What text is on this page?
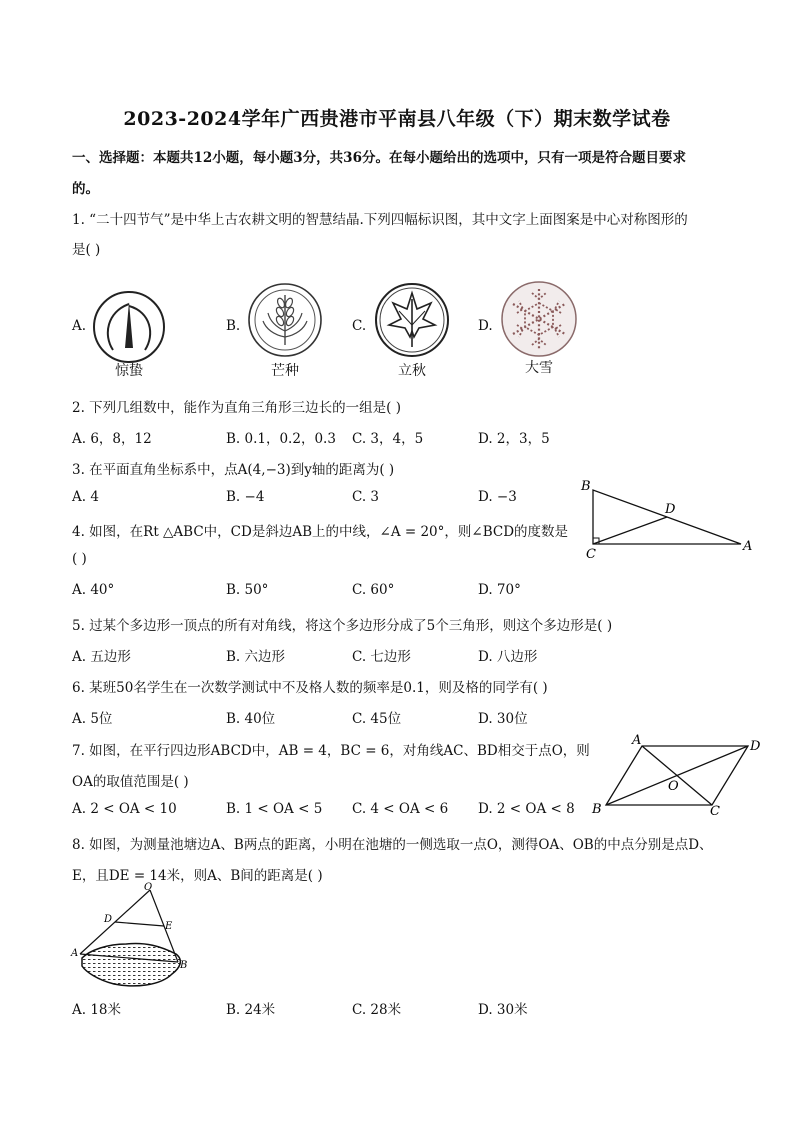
2023-2024学年广西贵港市平南县八年级（下）期末数学试卷
一、选择题：本题共12小题，每小题3分，共36分。在每小题给出的选项中，只有一项是符合题目要求
的。
1. “二十四节气”是中华上古农耕文明的智慧结晶.下列四幅标识图，其中文字上面图案是中心对称图形的
是( )
A.	B.	C.	D.
惊蛰	芒种	立秋	大雪
2. 下列几组数中，能作为直角三角形三边长的一组是( )
A. 6，8，12	B. 0.1，0.2，0.3 C. 3，4，5	D. 2，3，5
3. 在平面直角坐标系中，点A(4,−3)到y轴的距离为( )
A. 4	B. −4	C. 3	D. −3
B
D
C
A
4. 如图，在Rt △ABC中，CD是斜边AB上的中线，∠A = 20°，则∠BCD的度数是
( )
A. 40°	B. 50°	C. 60°	D. 70°
5. 过某个多边形一顶点的所有对角线，将这个多边形分成了5个三角形，则这个多边形是( )
A. 五边形	B. 六边形	C. 七边形	D. 八边形
6. 某班50名学生在一次数学测试中不及格人数的频率是0.1，则及格的同学有( )
A. 5位	B. 40位	C. 45位	D. 30位
A	D
O
B	C
7. 如图，在平行四边形ABCD中，AB = 4，BC = 6，对角线AC、BD相交于点O，则
OA的取值范围是( )
A. 2 < OA < 10	B. 1 < OA < 5 C. 4 < OA < 6 D. 2 < OA < 8
8. 如图，为测量池塘边A、B两点的距离，小明在池塘的一侧选取一点O，测得OA、OB的中点分别是点D、
E，且DE = 14米，则A、B间的距离是( )
O
D
E
A
B
A. 18米	B. 24米	C. 28米	D. 30米
